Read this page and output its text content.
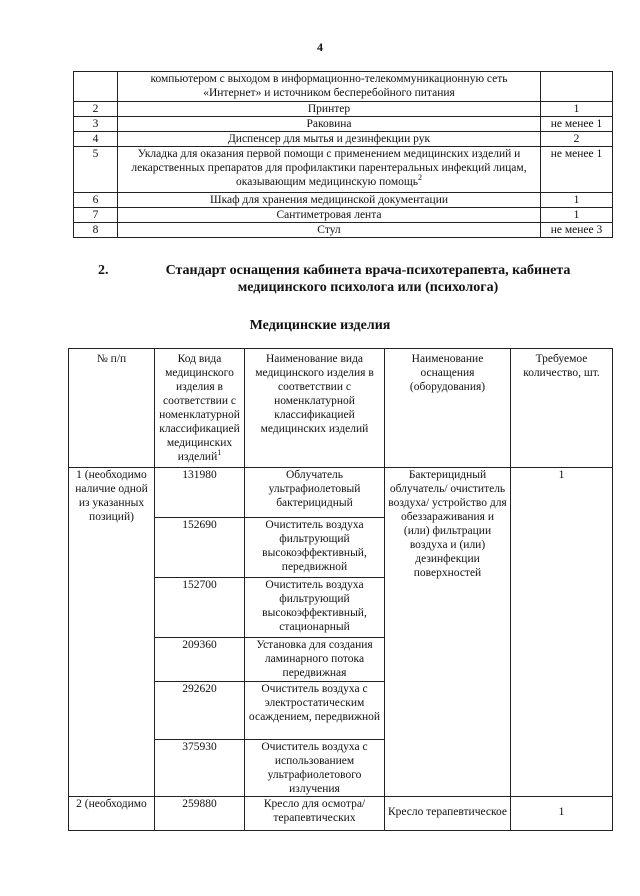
4
	компьютером с выходом в информационно-телекоммуникационную сеть «Интернет» и источником бесперебойного питания	
2	Принтер	1
3	Раковина	не менее 1
4	Диспенсер для мытья и дезинфекции рук	2
5	Укладка для оказания первой помощи с применением медицинских изделий и лекарственных препаратов для профилактики парентеральных инфекций лицам, оказывающим медицинскую помощь$^2$	не менее 1
6	Шкаф для хранения медицинской документации	1
7	Сантиметровая лента	1
8	Стул	не менее 3
2.	Стандарт оснащения кабинета врача-психотерапевта, кабинета медицинского психолога или (психолога)
Медицинские изделия
№ п/п	Код вида медицинского изделия в соответствии с номенклатурной классификацией медицинских изделий$^1$	Наименование вида медицинского изделия в соответствии с номенклатурной классификацией медицинских изделий	Наименование оснащения (оборудования)	Требуемое количество, шт.
1 (необходимо наличие одной из указанных позиций)	131980	Облучатель ультрафиолетовый бактерицидный	Бактерицидный облучатель/ очиститель воздуха/ устройство для обеззараживания и (или) фильтрации воздуха и (или) дезинфекции поверхностей	1
	152690	Очиститель воздуха фильтрующий высокоэффективный, передвижной		
	152700	Очиститель воздуха фильтрующий высокоэффективный, стационарный		
	209360	Установка для создания ламинарного потока передвижная		
	292620	Очиститель воздуха с электростатическим осаждением, передвижной		
	375930	Очиститель воздуха с использованием ультрафиолетового излучения		
2 (необходимо	259880	Кресло для осмотра/ терапевтических	Кресло терапевтическое	1
